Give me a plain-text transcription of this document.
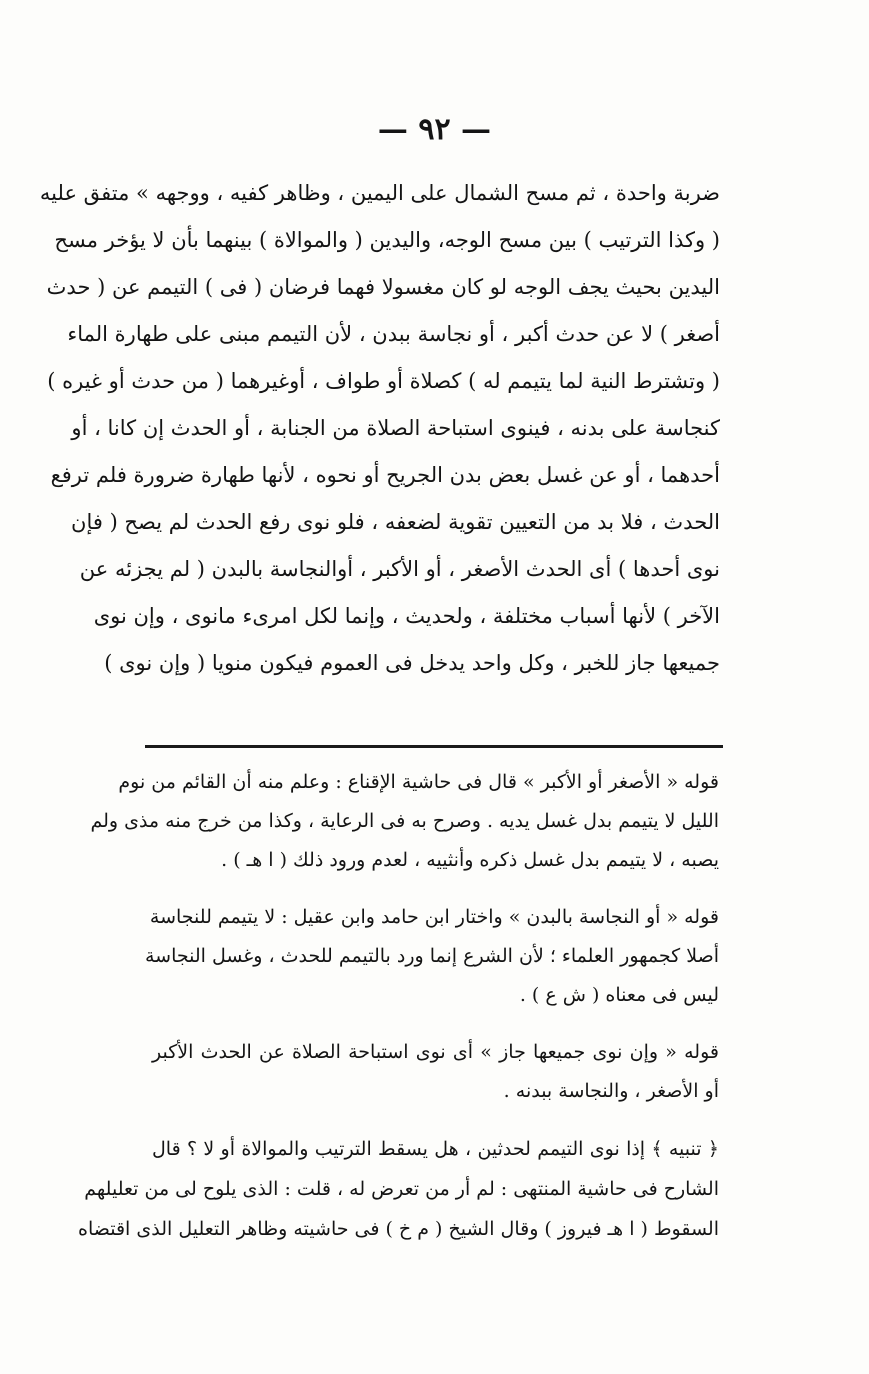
— ٩٢ —
ضربة واحدة ، ثم مسح الشمال على اليمين ، وظاهر كفيه ، ووجهه » متفق عليه
( وكذا الترتيب ) بين مسح الوجه، واليدين ( والموالاة ) بينهما بأن لا يؤخر مسح
اليدين بحيث يجف الوجه لو كان مغسولا فهما فرضان ( فى ) التيمم عن ( حدث
أصغر ) لا عن حدث أكبر ، أو نجاسة ببدن ، لأن التيمم مبنى على طهارة الماء
( وتشترط النية لما يتيمم له ) كصلاة أو طواف ، أوغيرهما ( من حدث أو غيره )
كنجاسة على بدنه ، فينوى استباحة الصلاة من الجنابة ، أو الحدث إن كانا ، أو
أحدهما ، أو عن غسل بعض بدن الجريح أو نحوه ، لأنها طهارة ضرورة فلم ترفع
الحدث ، فلا بد من التعيين تقوية لضعفه ، فلو نوى رفع الحدث لم يصح ( فإن
نوى أحدها ) أى الحدث الأصغر ، أو الأكبر ، أوالنجاسة بالبدن ( لم يجزئه عن
الآخر ) لأنها أسباب مختلفة ، ولحديث ، وإنما لكل امرىء مانوى ، وإن نوى
جميعها جاز للخبر ، وكل واحد يدخل فى العموم فيكون منويا ( وإن نوى )
قوله « الأصغر أو الأكبر » قال فى حاشية الإقناع : وعلم منه أن القائم من نوم
الليل لا يتيمم بدل غسل يديه . وصرح به فى الرعاية ، وكذا من خرج منه مذى ولم
يصبه ، لا يتيمم بدل غسل ذكره وأنثييه ، لعدم ورود ذلك ( ا هـ ) .
قوله « أو النجاسة بالبدن » واختار ابن حامد وابن عقيل : لا يتيمم للنجاسة
أصلا كجمهور العلماء ؛ لأن الشرع إنما ورد بالتيمم للحدث ، وغسل النجاسة
ليس فى معناه ( ش ع ) .
قوله « وإن نوى جميعها جاز » أى نوى استباحة الصلاة عن الحدث الأكبر
أو الأصغر ، والنجاسة ببدنه .
﴿ تنبيه ﴾ إذا نوى التيمم لحدثين ، هل يسقط الترتيب والموالاة أو لا ؟ قال
الشارح فى حاشية المنتهى : لم أر من تعرض له ، قلت : الذى يلوح لى من تعليلهم
السقوط ( ا هـ فيروز ) وقال الشيخ ( م خ ) فى حاشيته وظاهر التعليل الذى اقتضاه
